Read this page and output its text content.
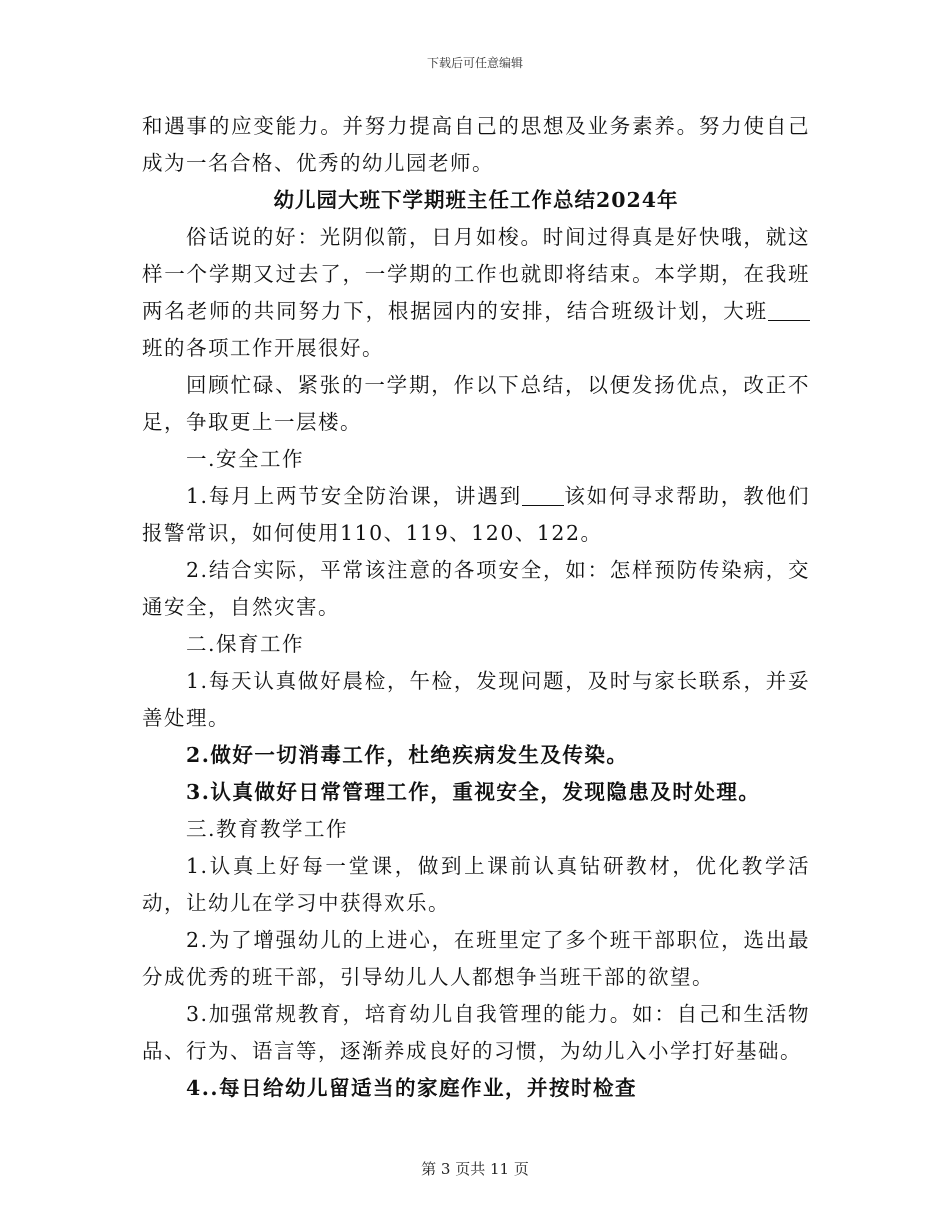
下载后可任意编辑

和遇事的应变能力。并努力提高自己的思想及业务素养。努力使自己成为一名合格、优秀的幼儿园老师。

幼儿园大班下学期班主任工作总结2024年

俗话说的好：光阴似箭，日月如梭。时间过得真是好快哦，就这样一个学期又过去了，一学期的工作也就即将结束。本学期，在我班两名老师的共同努力下，根据园内的安排，结合班级计划，大班班的各项工作开展很好。

回顾忙碌、紧张的一学期，作以下总结，以便发扬优点，改正不足，争取更上一层楼。

一.安全工作

1.每月上两节安全防治课，讲遇到 该如何寻求帮助，教他们报警常识，如何使用110、119、120、122。

2.结合实际，平常该注意的各项安全，如：怎样预防传染病，交通安全，自然灾害。

二.保育工作

1.每天认真做好晨检，午检，发现问题，及时与家长联系，并妥善处理。

2.做好一切消毒工作，杜绝疾病发生及传染。

3.认真做好日常管理工作，重视安全，发现隐患及时处理。

三.教育教学工作

1.认真上好每一堂课，做到上课前认真钻研教材，优化教学活动，让幼儿在学习中获得欢乐。

2.为了增强幼儿的上进心，在班里定了多个班干部职位，选出最分成优秀的班干部，引导幼儿人人都想争当班干部的欲望。

3.加强常规教育，培育幼儿自我管理的能力。如：自己和生活物品、行为、语言等，逐渐养成良好的习惯，为幼儿入小学打好基础。

4..每日给幼儿留适当的家庭作业，并按时检查

第 3 页共 11 页
